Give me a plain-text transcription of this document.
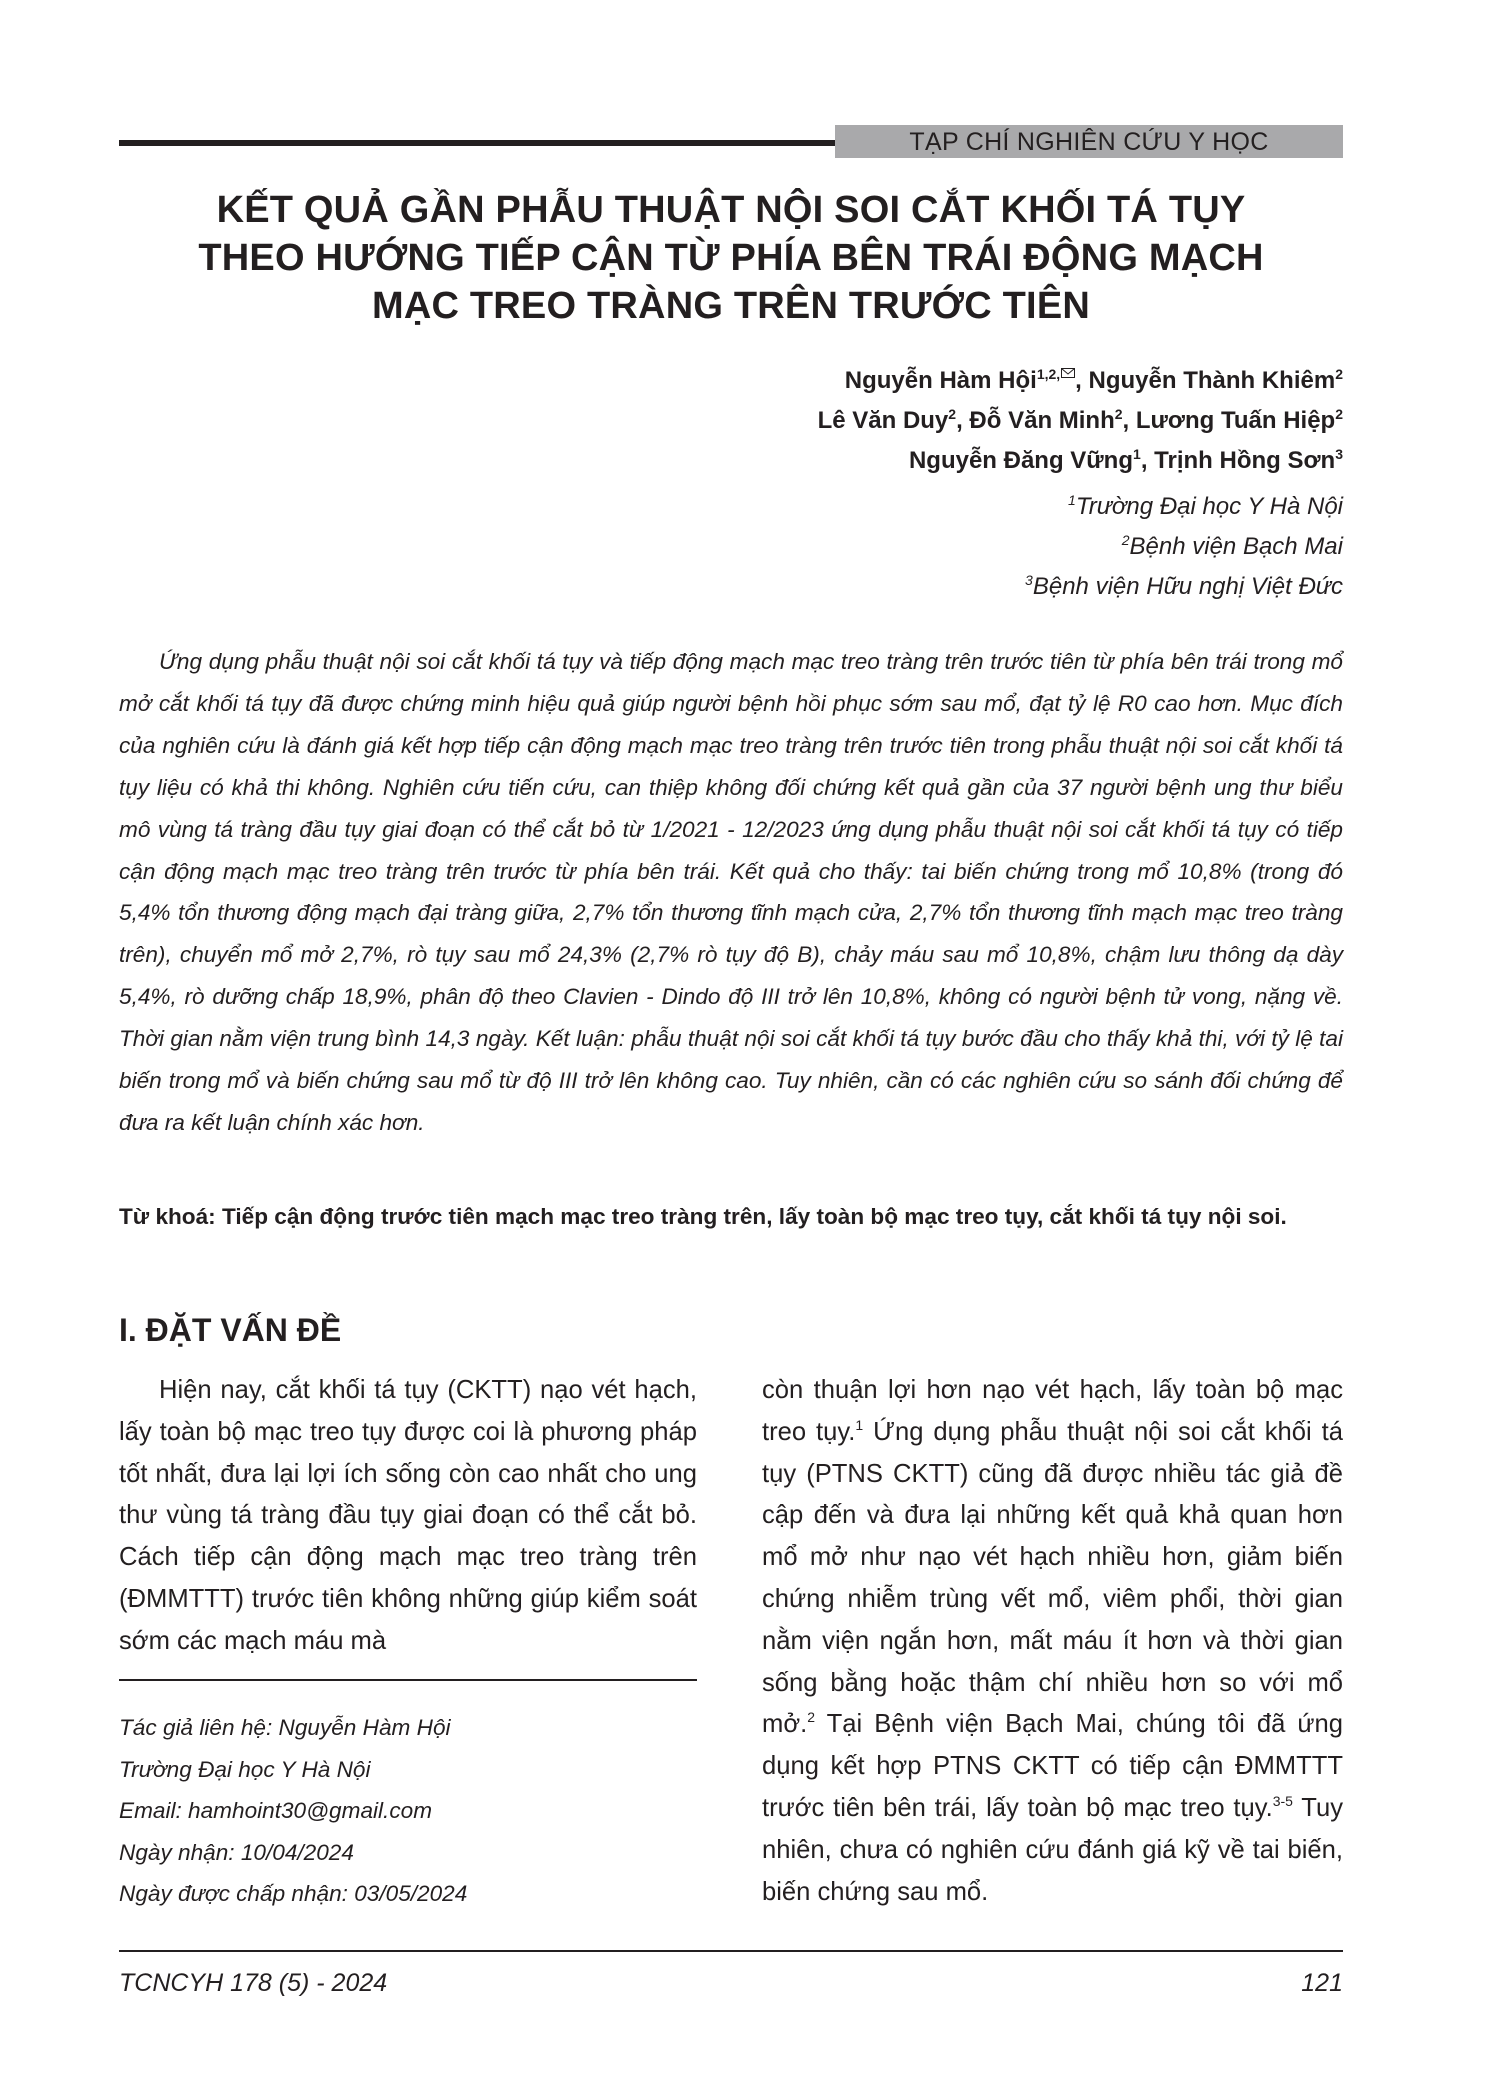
TẠP CHÍ NGHIÊN CỨU Y HỌC
KẾT QUẢ GẦN PHẪU THUẬT NỘI SOI CẮT KHỐI TÁ TỤY
THEO HƯỚNG TIẾP CẬN TỪ PHÍA BÊN TRÁI ĐỘNG MẠCH
MẠC TREO TRÀNG TRÊN TRƯỚC TIÊN
Nguyễn Hàm Hội$^{1,2,}$ , Nguyễn Thành Khiêm$^2$
Lê Văn Duy$^2$, Đỗ Văn Minh$^2$, Lương Tuấn Hiệp$^2$
Nguyễn Đăng Vững$^1$, Trịnh Hồng Sơn$^3$
$^1$Trường Đại học Y Hà Nội
$^2$Bệnh viện Bạch Mai
$^3$Bệnh viện Hữu nghị Việt Đức
Ứng dụng phẫu thuật nội soi cắt khối tá tụy và tiếp động mạch mạc treo tràng trên trước tiên từ phía bên trái trong mổ mở cắt khối tá tụy đã được chứng minh hiệu quả giúp người bệnh hồi phục sớm sau mổ, đạt tỷ lệ R0 cao hơn. Mục đích của nghiên cứu là đánh giá kết hợp tiếp cận động mạch mạc treo tràng trên trước tiên trong phẫu thuật nội soi cắt khối tá tụy liệu có khả thi không. Nghiên cứu tiến cứu, can thiệp không đối chứng kết quả gần của 37 người bệnh ung thư biểu mô vùng tá tràng đầu tụy giai đoạn có thể cắt bỏ từ 1/2021 - 12/2023 ứng dụng phẫu thuật nội soi cắt khối tá tụy có tiếp cận động mạch mạc treo tràng trên trước từ phía bên trái. Kết quả cho thấy: tai biến chứng trong mổ 10,8% (trong đó 5,4% tổn thương động mạch đại tràng giữa, 2,7% tổn thương tĩnh mạch cửa, 2,7% tổn thương tĩnh mạch mạc treo tràng trên), chuyển mổ mở 2,7%, rò tụy sau mổ 24,3% (2,7% rò tụy độ B), chảy máu sau mổ 10,8%, chậm lưu thông dạ dày 5,4%, rò dưỡng chấp 18,9%, phân độ theo Clavien - Dindo độ III trở lên 10,8%, không có người bệnh tử vong, nặng về. Thời gian nằm viện trung bình 14,3 ngày. Kết luận: phẫu thuật nội soi cắt khối tá tụy bước đầu cho thấy khả thi, với tỷ lệ tai biến trong mổ và biến chứng sau mổ từ độ III trở lên không cao. Tuy nhiên, cần có các nghiên cứu so sánh đối chứng để đưa ra kết luận chính xác hơn.
Từ khoá: Tiếp cận động trước tiên mạch mạc treo tràng trên, lấy toàn bộ mạc treo tụy, cắt khối tá tụy nội soi.
I. ĐẶT VẤN ĐỀ
Hiện nay, cắt khối tá tụy (CKTT) nạo vét hạch, lấy toàn bộ mạc treo tụy được coi là phương pháp tốt nhất, đưa lại lợi ích sống còn cao nhất cho ung thư vùng tá tràng đầu tụy giai đoạn có thể cắt bỏ. Cách tiếp cận động mạch mạc treo tràng trên (ĐMMTTT) trước tiên không những giúp kiểm soát sớm các mạch máu mà
còn thuận lợi hơn nạo vét hạch, lấy toàn bộ mạc treo tụy.$^1$ Ứng dụng phẫu thuật nội soi cắt khối tá tụy (PTNS CKTT) cũng đã được nhiều tác giả đề cập đến và đưa lại những kết quả khả quan hơn mổ mở như nạo vét hạch nhiều hơn, giảm biến chứng nhiễm trùng vết mổ, viêm phổi, thời gian nằm viện ngắn hơn, mất máu ít hơn và thời gian sống bằng hoặc thậm chí nhiều hơn so với mổ mở.$^2$ Tại Bệnh viện Bạch Mai, chúng tôi đã ứng dụng kết hợp PTNS CKTT có tiếp cận ĐMMTTT trước tiên bên trái, lấy toàn bộ mạc treo tụy.$^{3-5}$ Tuy nhiên, chưa có nghiên cứu đánh giá kỹ về tai biến, biến chứng sau mổ.
Tác giả liên hệ: Nguyễn Hàm Hội
Trường Đại học Y Hà Nội
Email: hamhoint30@gmail.com
Ngày nhận: 10/04/2024
Ngày được chấp nhận: 03/05/2024
TCNCYH 178 (5) - 2024	121
